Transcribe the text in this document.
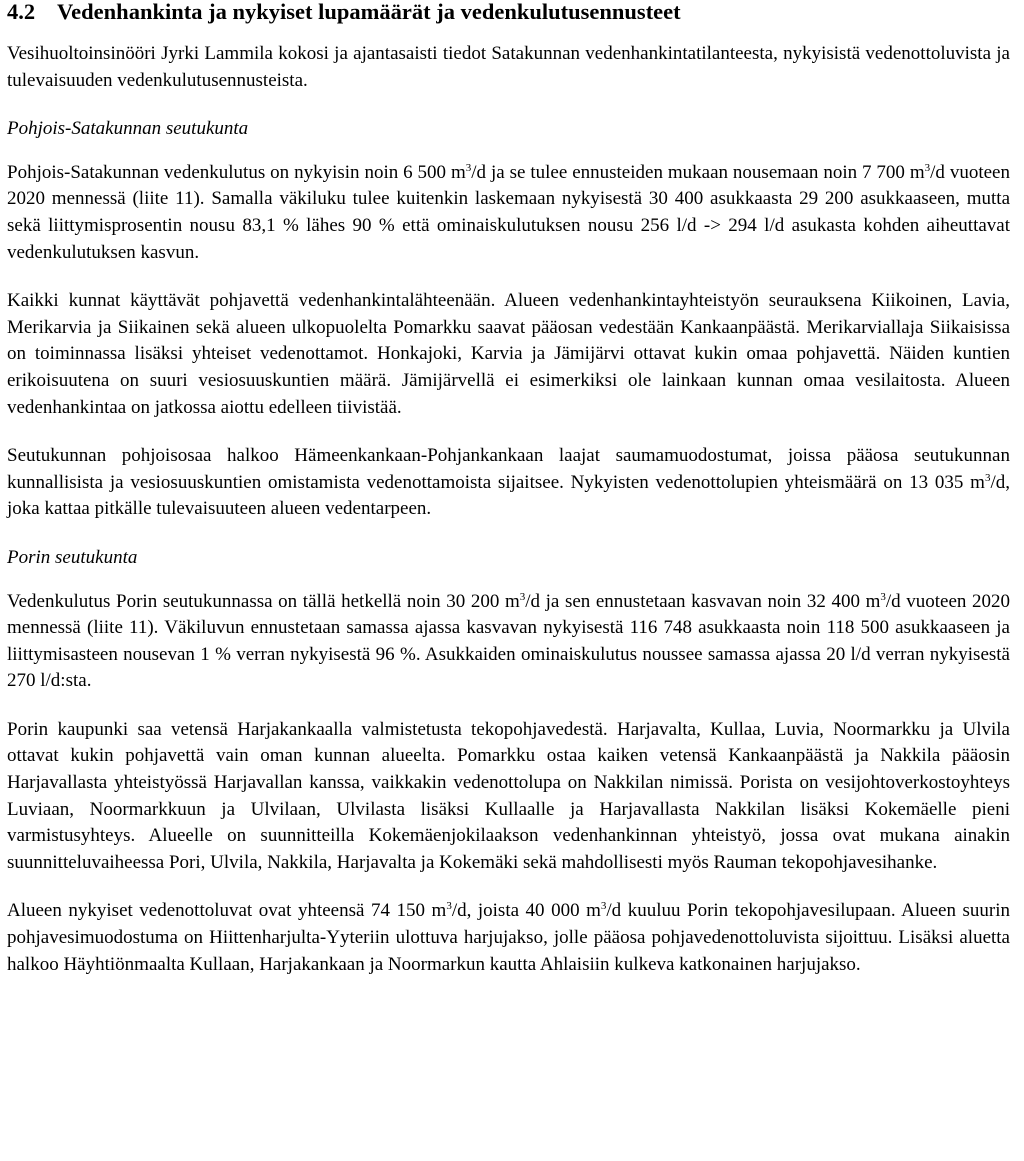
4.2 Vedenhankinta ja nykyiset lupamäärät ja vedenkulutusennusteet

Vesihuoltoinsinööri Jyrki Lammila kokosi ja ajantasaisti tiedot Satakunnan vedenhankintatilanteesta, nykyisistä vedenottoluvista ja tulevaisuuden vedenkulutusennusteista.

Pohjois-Satakunnan seutukunta

Pohjois-Satakunnan vedenkulutus on nykyisin noin 6 500 $m^3/d$ ja se tulee ennusteiden mukaan nousemaan noin 7 700 $m^3/d$ vuoteen 2020 mennessä (liite 11). Samalla väkiluku tulee kuitenkin laskemaan nykyisestä 30 400 asukkaasta 29 200 asukkaaseen, mutta sekä liittymisprosentin nousu 83,1 % lähes 90 % että ominaiskulutuksen nousu 256 l/d -> 294 l/d asukasta kohden aiheuttavat vedenkulutuksen kasvun.

Kaikki kunnat käyttävät pohjavettä vedenhankintalähteenään. Alueen vedenhankintayhteistyön seurauksena Kiikoinen, Lavia, Merikarvia ja Siikainen sekä alueen ulkopuolelta Pomarkku saavat pääosan vedestään Kankaanpäästä. Merikarviallaja Siikaisissa on toiminnassa lisäksi yhteiset vedenottamot. Honkajoki, Karvia ja Jämijärvi ottavat kukin omaa pohjavettä. Näiden kuntien erikoisuutena on suuri vesiosuuskuntien määrä. Jämijärvellä ei esimerkiksi ole lainkaan kunnan omaa vesilaitosta. Alueen vedenhankintaa on jatkossa aiottu edelleen tiivistää.

Seutukunnan pohjoisosaa halkoo Hämeenkankaan-Pohjankankaan laajat saumamuodostumat, joissa pääosa seutukunnan kunnallisista ja vesiosuuskuntien omistamista vedenottamoista sijaitsee. Nykyisten vedenottolupien yhteismäärä on 13 035 $m^3/d$, joka kattaa pitkälle tulevaisuuteen alueen vedentarpeen.

Porin seutukunta

Vedenkulutus Porin seutukunnassa on tällä hetkellä noin 30 200 $m^3/d$ ja sen ennustetaan kasvavan noin 32 400 $m^3/d$ vuoteen 2020 mennessä (liite 11). Väkiluvun ennustetaan samassa ajassa kasvavan nykyisestä 116 748 asukkaasta noin 118 500 asukkaaseen ja liittymisasteen nousevan 1 % verran nykyisestä 96 %. Asukkaiden ominaiskulutus noussee samassa ajassa 20 l/d verran nykyisestä 270 l/d:sta.

Porin kaupunki saa vetensä Harjakankaalla valmistetusta tekopohjavedestä. Harjavalta, Kullaa, Luvia, Noormarkku ja Ulvila ottavat kukin pohjavettä vain oman kunnan alueelta. Pomarkku ostaa kaiken vetensä Kankaanpäästä ja Nakkila pääosin Harjavallasta yhteistyössä Harjavallan kanssa, vaikkakin vedenottolupa on Nakkilan nimissä. Porista on vesijohtoverkostoyhteys Luviaan, Noormarkkuun ja Ulvilaan, Ulvilasta lisäksi Kullaalle ja Harjavallasta Nakkilan lisäksi Kokemäelle pieni varmistusyhteys. Alueelle on suunnitteilla Kokemäenjokilaakson vedenhankinnan yhteistyö, jossa ovat mukana ainakin suunnitteluvaiheessa Pori, Ulvila, Nakkila, Harjavalta ja Kokemäki sekä mahdollisesti myös Rauman tekopohjavesihanke.

Alueen nykyiset vedenottoluvat ovat yhteensä 74 150 $m^3/d$, joista 40 000 $m^3/d$ kuuluu Porin tekopohjavesilupaan. Alueen suurin pohjavesimuodostuma on Hiittenharjulta-Yyteriin ulottuva harjujakso, jolle pääosa pohjavedenottoluvista sijoittuu. Lisäksi aluetta halkoo Häyhtiönmaalta Kullaan, Harjakankaan ja Noormarkun kautta Ahlaisiin kulkeva katkonainen harjujakso.
